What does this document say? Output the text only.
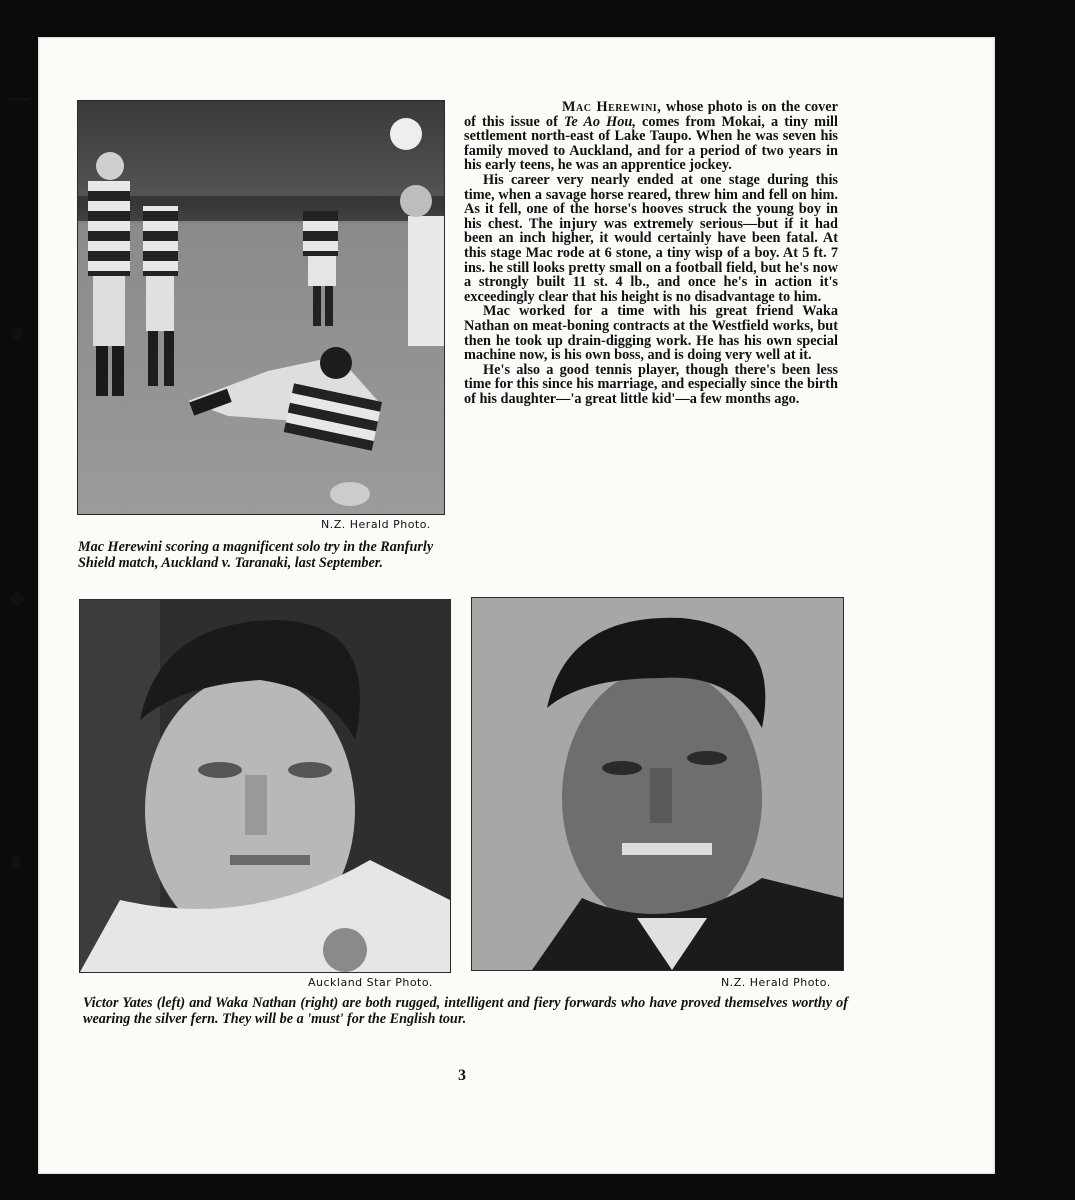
N.Z. Herald Photo.
Mac Herewini scoring a magnificent solo try in the Ranfurly Shield match, Auckland v. Taranaki, last September.

Mac Herewini, whose photo is on the cover of this issue of Te Ao Hou, comes from Mokai, a tiny mill settlement north-east of Lake Taupo. When he was seven his family moved to Auckland, and for a period of two years in his early teens, he was an apprentice jockey.

His career very nearly ended at one stage during this time, when a savage horse reared, threw him and fell on him. As it fell, one of the horse's hooves struck the young boy in his chest. The injury was extremely serious—but if it had been an inch higher, it would certainly have been fatal. At this stage Mac rode at 6 stone, a tiny wisp of a boy. At 5 ft. 7 ins. he still looks pretty small on a football field, but he's now a strongly built 11 st. 4 lb., and once he's in action it's exceedingly clear that his height is no disadvantage to him.

Mac worked for a time with his great friend Waka Nathan on meat-boning contracts at the Westfield works, but then he took up drain-digging work. He has his own special machine now, is his own boss, and is doing very well at it.

He's also a good tennis player, though there's been less time for this since his marriage, and especially since the birth of his daughter—'a great little kid'—a few months ago.

Auckland Star Photo.	N.Z. Herald Photo.
Victor Yates (left) and Waka Nathan (right) are both rugged, intelligent and fiery forwards who have proved themselves worthy of wearing the silver fern. They will be a 'must' for the English tour.
3
